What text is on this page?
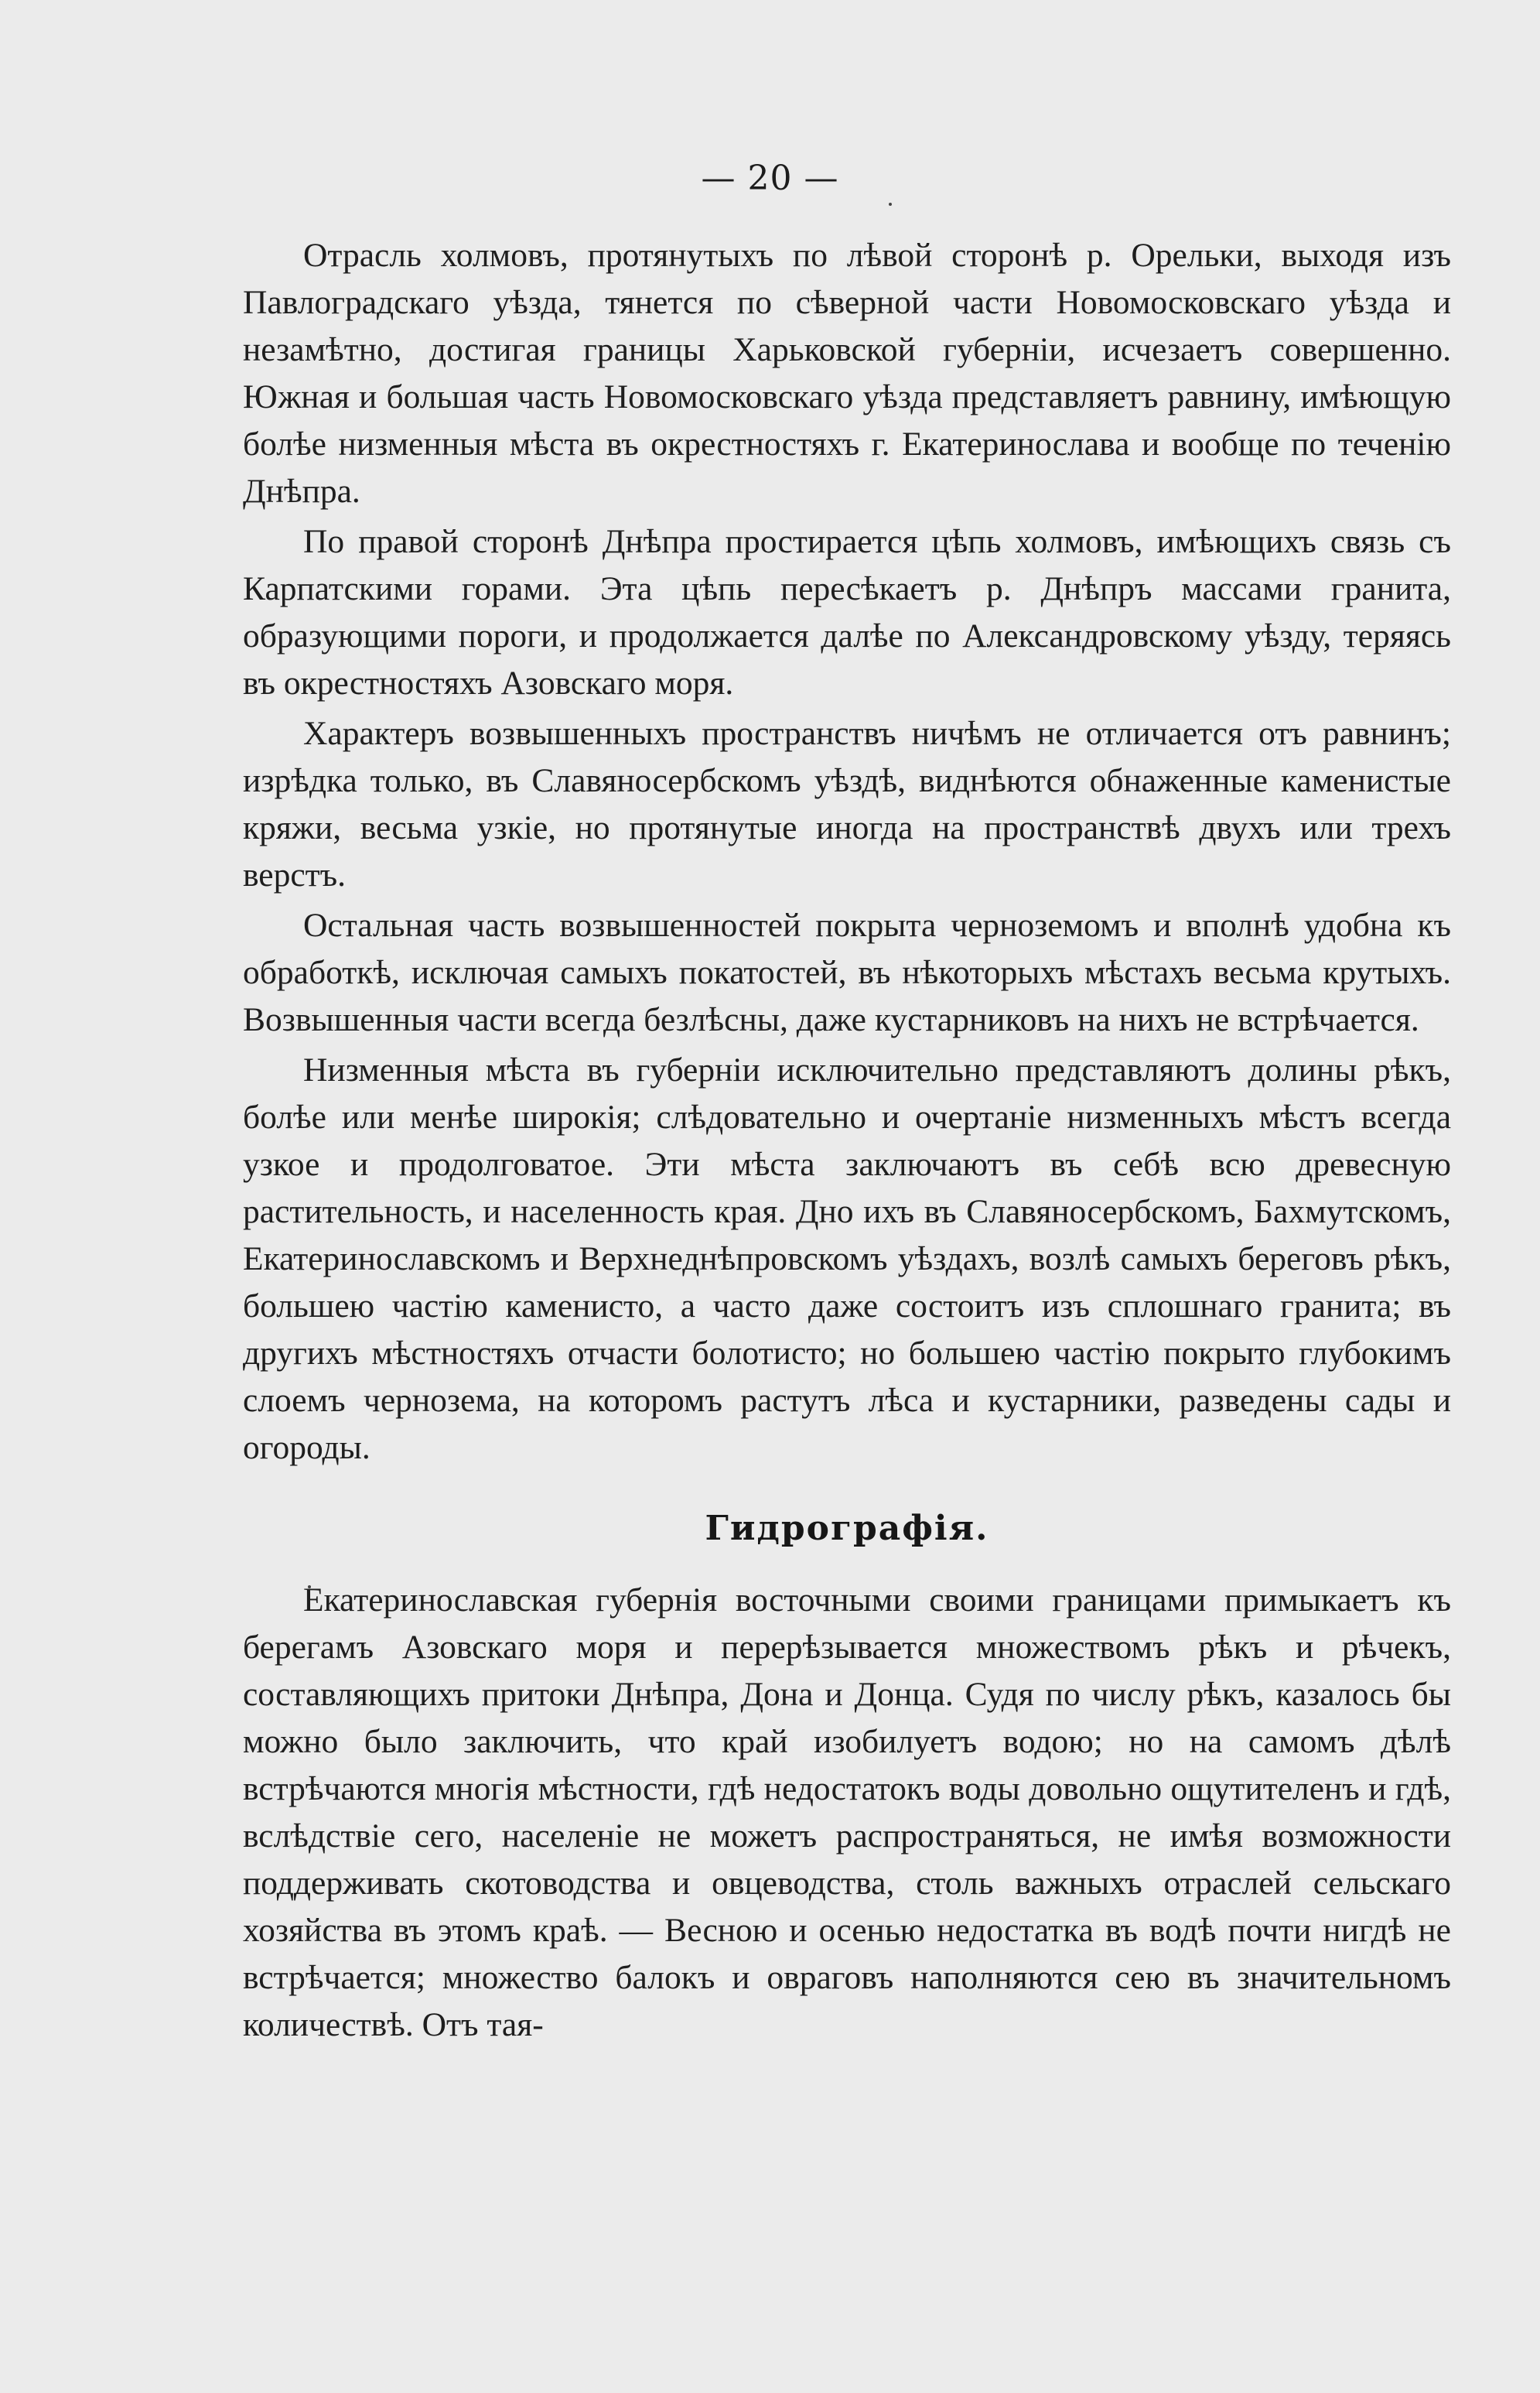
— 20 —

Отрасль холмовъ, протянутыхъ по лѣвой сторонѣ р. Орельки, выходя изъ Павлоградскаго уѣзда, тянется по сѣверной части Новомосковскаго уѣзда и незамѣтно, достигая границы Харьковской губерніи, исчезаетъ совершенно. Южная и большая часть Новомосковскаго уѣзда представляетъ равнину, имѣющую болѣе низменныя мѣста въ окрестностяхъ г. Екатеринослава и вообще по теченію Днѣпра.

По правой сторонѣ Днѣпра простирается цѣпь холмовъ, имѣющихъ связь съ Карпатскими горами. Эта цѣпь пересѣкаетъ р. Днѣпръ массами гранита, образующими пороги, и продолжается далѣе по Александровскому уѣзду, теряясь въ окрестностяхъ Азовскаго моря.

Характеръ возвышенныхъ пространствъ ничѣмъ не отличается отъ равнинъ; изрѣдка только, въ Славяносербскомъ уѣздѣ, виднѣются обнаженные каменистые кряжи, весьма узкіе, но протянутые иногда на пространствѣ двухъ или трехъ верстъ.

Остальная часть возвышенностей покрыта черноземомъ и вполнѣ удобна къ обработкѣ, исключая самыхъ покатостей, въ нѣкоторыхъ мѣстахъ весьма крутыхъ. Возвышенныя части всегда безлѣсны, даже кустарниковъ на нихъ не встрѣчается.

Низменныя мѣста въ губерніи исключительно представляютъ долины рѣкъ, болѣе или менѣе широкія; слѣдовательно и очертаніе низменныхъ мѣстъ всегда узкое и продолговатое. Эти мѣста заключаютъ въ себѣ всю древесную растительность, и населенность края. Дно ихъ въ Славяносербскомъ, Бахмутскомъ, Екатеринославскомъ и Верхнеднѣпровскомъ уѣздахъ, возлѣ самыхъ береговъ рѣкъ, большею частію каменисто, а часто даже состоитъ изъ сплошнаго гранита; въ другихъ мѣстностяхъ отчасти болотисто; но большею частію покрыто глубокимъ слоемъ чернозема, на которомъ растутъ лѣса и кустарники, разведены сады и огороды.

Гидрографія.

Екатеринославская губернія восточными своими границами примыкаетъ къ берегамъ Азовскаго моря и перерѣзывается множествомъ рѣкъ и рѣчекъ, составляющихъ притоки Днѣпра, Дона и Донца. Судя по числу рѣкъ, казалось бы можно было заключить, что край изобилуетъ водою; но на самомъ дѣлѣ встрѣчаются многія мѣстности, гдѣ недостатокъ воды довольно ощутителенъ и гдѣ, вслѣдствіе сего, населеніе не можетъ распространяться, не имѣя возможности поддерживать скотоводства и овцеводства, столь важныхъ отраслей сельскаго хозяйства въ этомъ краѣ. — Весною и осенью недостатка въ водѣ почти нигдѣ не встрѣчается; множество балокъ и овраговъ наполняются сею въ значительномъ количествѣ. Отъ тая-
